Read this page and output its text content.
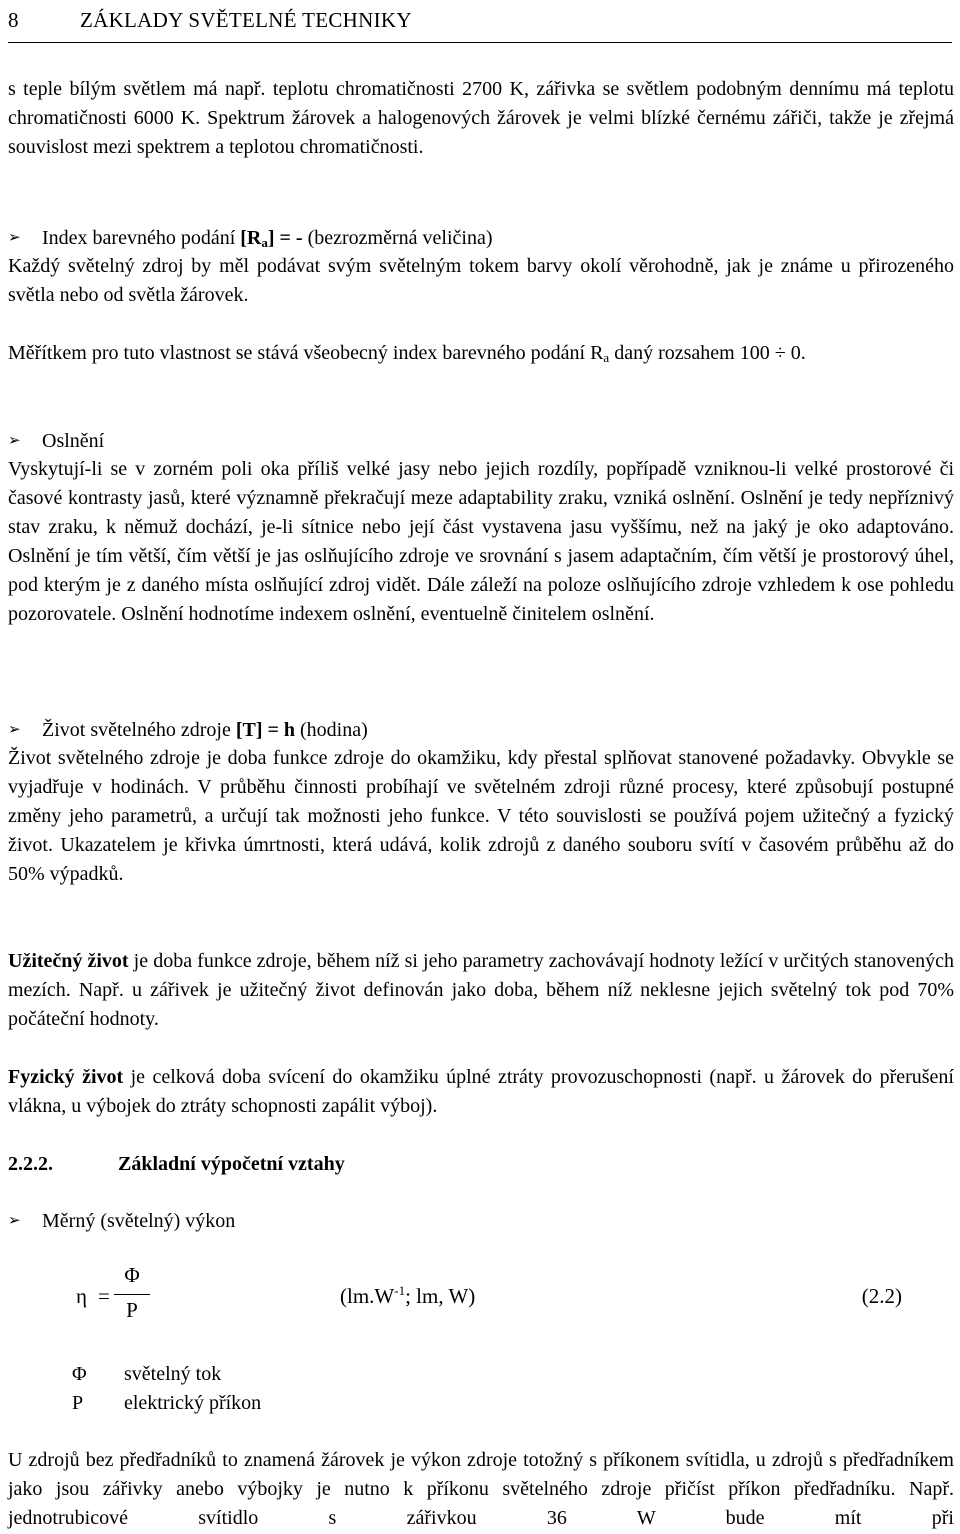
8	ZÁKLADY SVĚTELNÉ TECHNIKY

s teple bílým světlem má např. teplotu chromatičnosti 2700 K, zářivka se světlem podobným dennímu má teplotu chromatičnosti 6000 K. Spektrum žárovek a halogenových žárovek je velmi blízké černému zářiči, takže je zřejmá souvislost mezi spektrem a teplotou chromatičnosti.

➢ Index barevného podání $[R_a]$ = - (bezrozměrná veličina)

Každý světelný zdroj by měl podávat svým světelným tokem barvy okolí věrohodně, jak je známe u přirozeného světla nebo od světla žárovek.

Měřítkem pro tuto vlastnost se stává všeobecný index barevného podání $R_a$ daný rozsahem 100 ÷ 0.

➢ Oslnění

Vyskytují-li se v zorném poli oka příliš velké jasy nebo jejich rozdíly, popřípadě vzniknou-li velké prostorové či časové kontrasty jasů, které významně překračují meze adaptability zraku, vzniká oslnění. Oslnění je tedy nepříznivý stav zraku, k němuž dochází, je-li sítnice nebo její část vystavena jasu vyššímu, než na jaký je oko adaptováno. Oslnění je tím větší, čím větší je jas oslňujícího zdroje ve srovnání s jasem adaptačním, čím větší je prostorový úhel, pod kterým je z daného místa oslňující zdroj vidět. Dále záleží na poloze oslňujícího zdroje vzhledem k ose pohledu pozorovatele. Oslnění hodnotíme indexem oslnění, eventuelně činitelem oslnění.

➢ Život světelného zdroje [T] = h (hodina)

Život světelného zdroje je doba funkce zdroje do okamžiku, kdy přestal splňovat stanovené požadavky. Obvykle se vyjadřuje v hodinách. V průběhu činnosti probíhají ve světelném zdroji různé procesy, které způsobují postupné změny jeho parametrů, a určují tak možnosti jeho funkce. V této souvislosti se používá pojem užitečný a fyzický život. Ukazatelem je křivka úmrtnosti, která udává, kolik zdrojů z daného souboru svítí v časovém průběhu až do 50% výpadků.

Užitečný život je doba funkce zdroje, během níž si jeho parametry zachovávají hodnoty ležící v určitých stanovených mezích. Např. u zářivek je užitečný život definován jako doba, během níž neklesne jejich světelný tok pod 70% počáteční hodnoty.

Fyzický život je celková doba svícení do okamžiku úplné ztráty provozuschopnosti (např. u žárovek do přerušení vlákna, u výbojek do ztráty schopnosti zapálit výboj).

2.2.2.	Základní výpočetní vztahy
➢ Měrný (světelný) výkon
η =
Φ
P
($lm.W^{-1}$; lm, W)	(2.2)
Φ světelný tok
P elektrický příkon

U zdrojů bez předřadníků to znamená žárovek je výkon zdroje totožný s příkonem svítidla, u zdrojů s předřadníkem jako jsou zářivky anebo výbojky je nutno k příkonu světelného zdroje přičíst příkon předřadníku. Např. jednotrubicové svítidlo s zářivkou 36 W bude mít při
